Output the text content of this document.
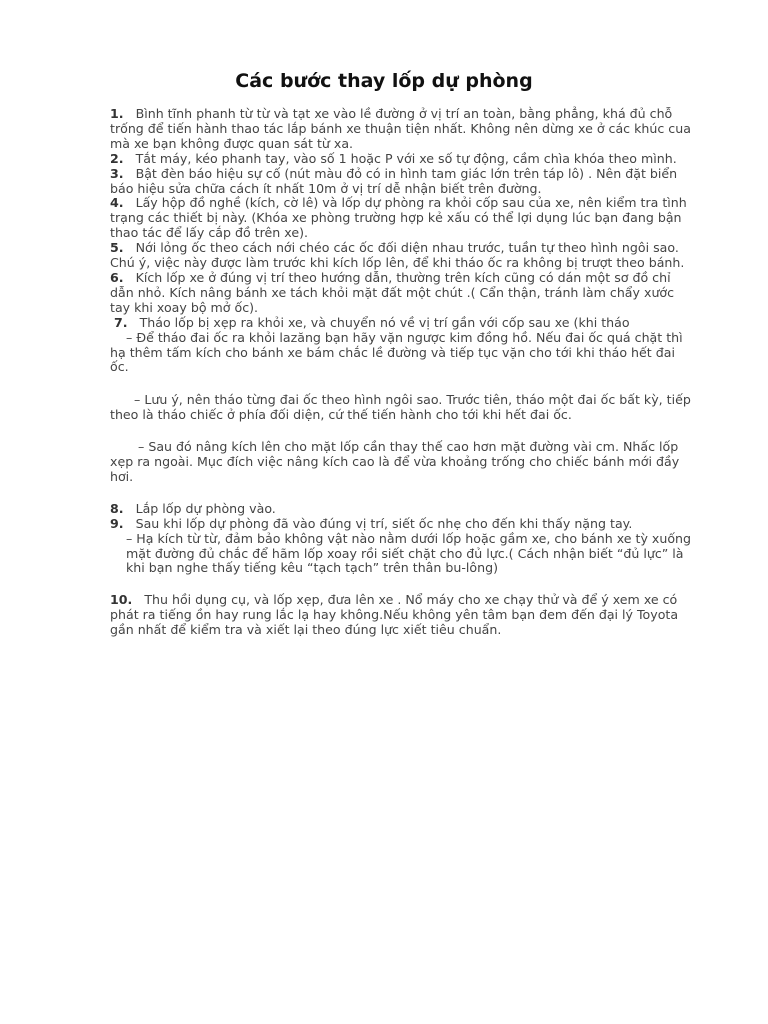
Các bước thay lốp dự phòng

1. Bình tĩnh phanh từ từ và tạt xe vào lề đường ở vị trí an toàn, bằng phẳng, khá đủ chỗ trống để tiến hành thao tác lắp bánh xe thuận tiện nhất. Không nên dừng xe ở các khúc cua mà xe bạn không được quan sát từ xa.

2. Tắt máy, kéo phanh tay, vào số 1 hoặc P với xe số tự động, cầm chìa khóa theo mình.

3. Bật đèn báo hiệu sự cố (nút màu đỏ có in hình tam giác lớn trên táp lô) . Nên đặt biển báo hiệu sửa chữa cách ít nhất 10m ở vị trí dễ nhận biết trên đường.

4. Lấy hộp đồ nghề (kích, cờ lê) và lốp dự phòng ra khỏi cốp sau của xe, nên kiểm tra tình trạng các thiết bị này. (Khóa xe phòng trường hợp kẻ xấu có thể lợi dụng lúc bạn đang bận thao tác để lấy cắp đồ trên xe).

5. Nới lỏng ốc theo cách nới chéo các ốc đối diện nhau trước, tuần tự theo hình ngôi sao. Chú ý, việc này được làm trước khi kích lốp lên, để khi tháo ốc ra không bị trượt theo bánh.

6. Kích lốp xe ở đúng vị trí theo hướng dẫn, thường trên kích cũng có dán một sơ đồ chỉ dẫn nhỏ. Kích nâng bánh xe tách khỏi mặt đất một chút .( Cẩn thận, tránh làm chẩy xước tay khi xoay bộ mở ốc).

7. Tháo lốp bị xẹp ra khỏi xe, và chuyển nó về vị trí gần với cốp sau xe (khi tháo

– Để tháo đai ốc ra khỏi lazăng bạn hãy vặn ngược kim đồng hồ. Nếu đai ốc quá chặt thì hạ thêm tấm kích cho bánh xe bám chắc lề đường và tiếp tục vặn cho tới khi tháo hết đai ốc.

– Lưu ý, nên tháo từng đai ốc theo hình ngôi sao. Trước tiên, tháo một đai ốc bất kỳ, tiếp theo là tháo chiếc ở phía đối diện, cứ thế tiến hành cho tới khi hết đai ốc.

– Sau đó nâng kích lên cho mặt lốp cần thay thế cao hơn mặt đường vài cm. Nhấc lốp xẹp ra ngoài. Mục đích việc nâng kích cao là để vừa khoảng trống cho chiếc bánh mới đầy hơi.

8. Lắp lốp dự phòng vào.

9. Sau khi lốp dự phòng đã vào đúng vị trí, siết ốc nhẹ cho đến khi thấy nặng tay.

– Hạ kích từ từ, đảm bảo không vật nào nằm dưới lốp hoặc gầm xe, cho bánh xe tỳ xuống mặt đường đủ chắc để hãm lốp xoay rồi siết chặt cho đủ lực.( Cách nhận biết “đủ lực” là khi bạn nghe thấy tiếng kêu “tạch tạch” trên thân bu-lông)

10. Thu hồi dụng cụ, và lốp xẹp, đưa lên xe . Nổ máy cho xe chạy thử và để ý xem xe có phát ra tiếng ồn hay rung lắc lạ hay không.Nếu không yên tâm bạn đem đến đại lý Toyota gần nhất để kiểm tra và xiết lại theo đúng lực xiết tiêu chuẩn.
